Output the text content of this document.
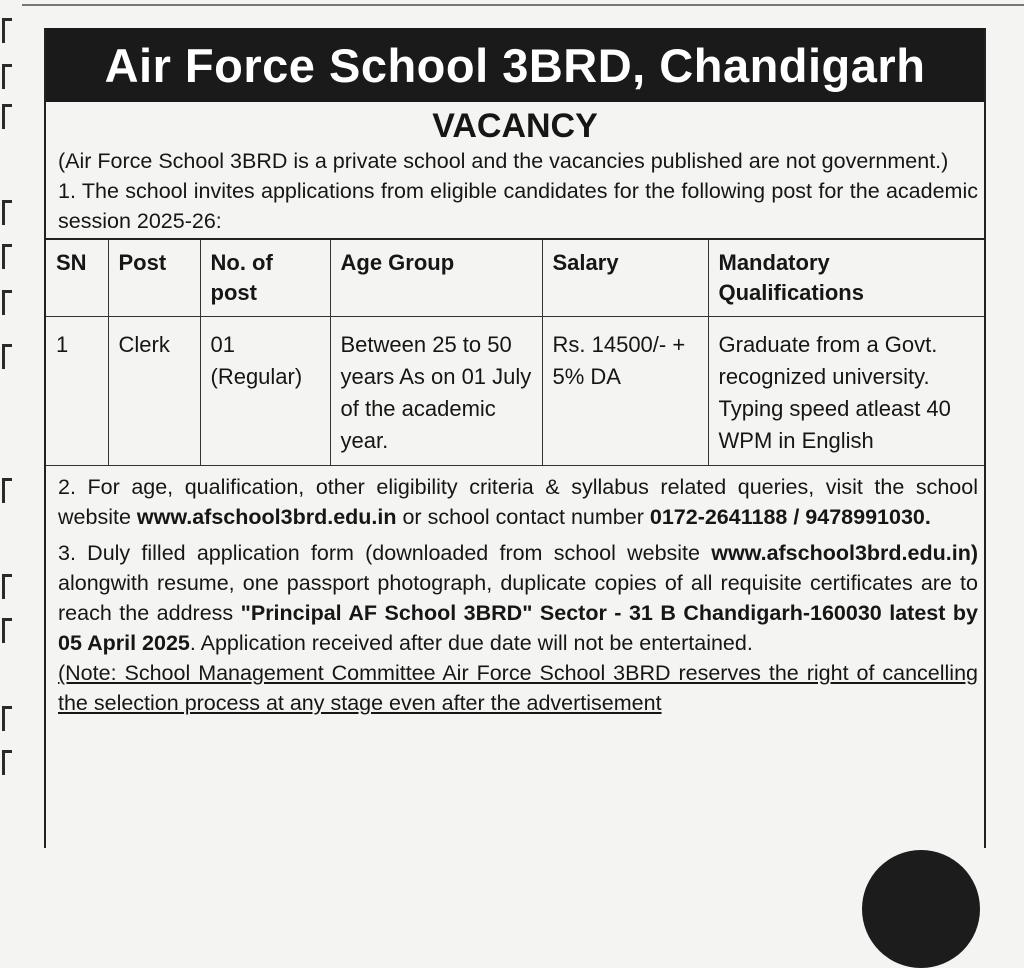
Air Force School 3BRD, Chandigarh
VACANCY
(Air Force School 3BRD is a private school and the vacancies published are not government.)
1. The school invites applications from eligible candidates for the following post for the academic session 2025-26:
SN	Post	No. of post	Age Group	Salary	Mandatory Qualifications
1	Clerk	01 (Regular)	Between 25 to 50 years As on 01 July of the academic year.	Rs. 14500/- + 5% DA	Graduate from a Govt. recognized university. Typing speed atleast 40 WPM in English
2. For age, qualification, other eligibility criteria & syllabus related queries, visit the school website www.afschool3brd.edu.in or school contact number 0172-2641188 / 9478991030.
3. Duly filled application form (downloaded from school website www.afschool3brd.edu.in) alongwith resume, one passport photograph, duplicate copies of all requisite certificates are to reach the address "Principal AF School 3BRD" Sector - 31 B Chandigarh-160030 latest by 05 April 2025. Application received after due date will not be entertained.
(Note: School Management Committee Air Force School 3BRD reserves the right of cancelling the selection process at any stage even after the advertisement
